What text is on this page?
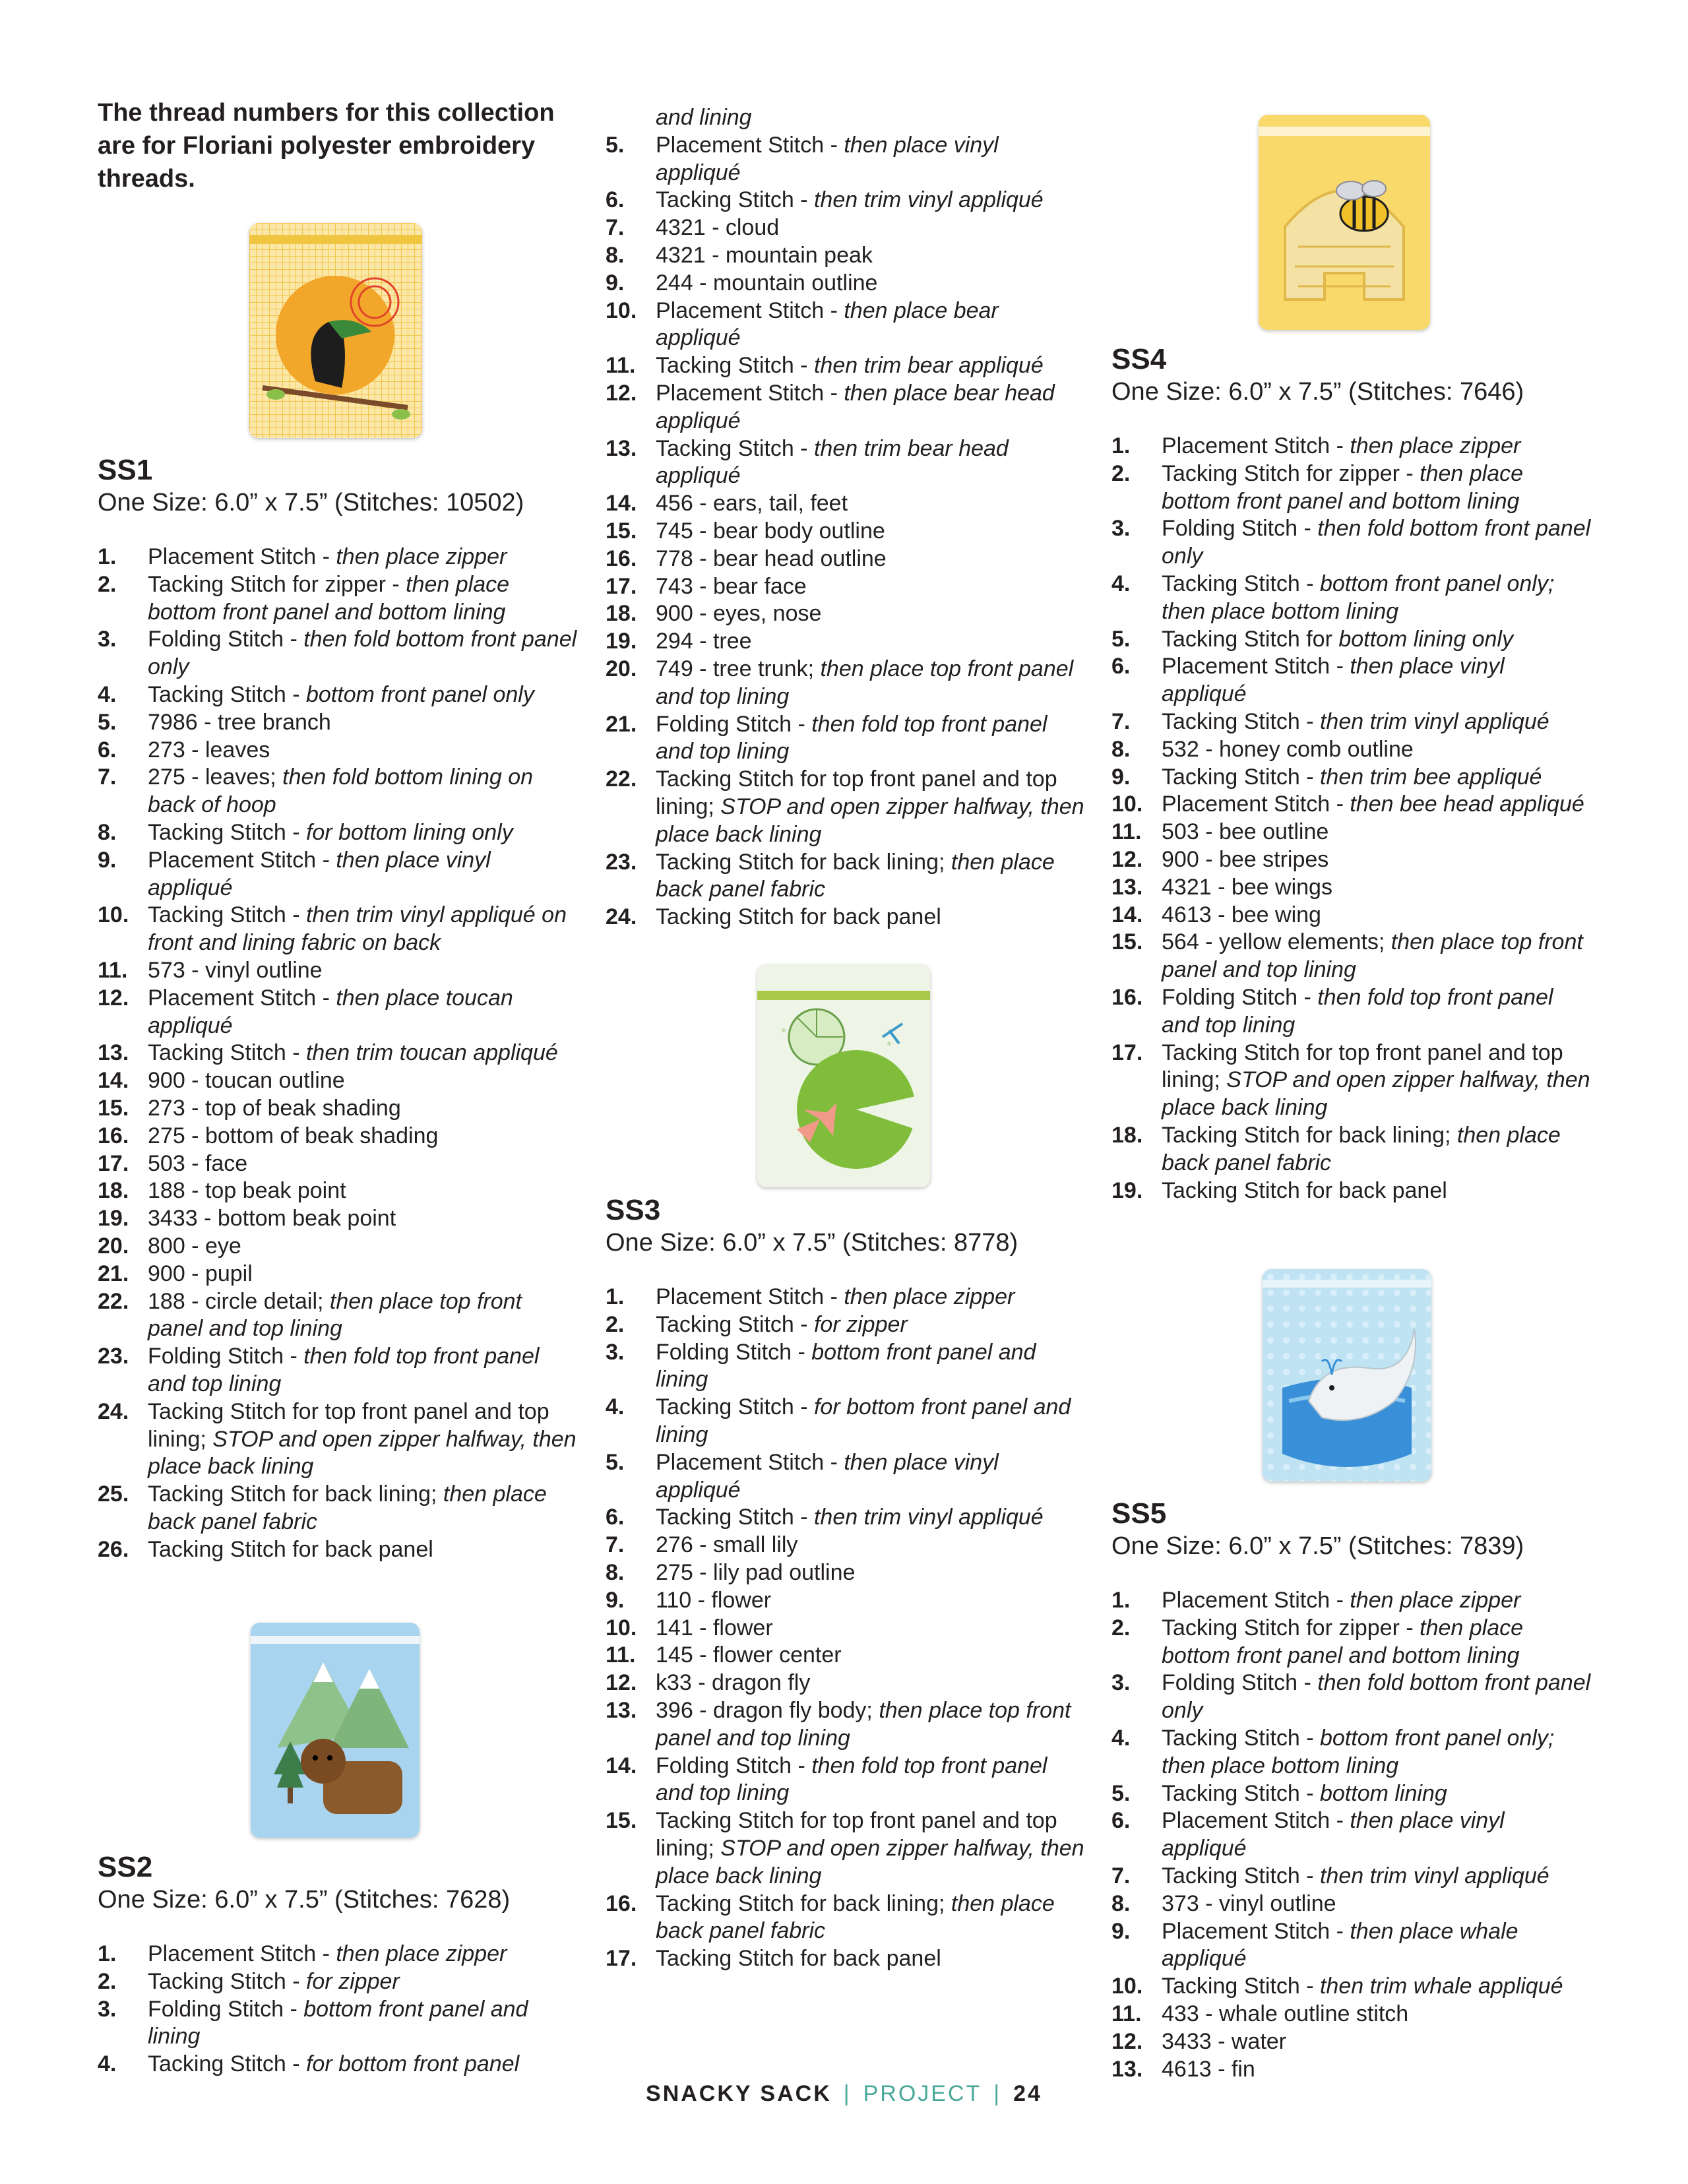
The thread numbers for this collection are for Floriani polyester embroidery threads.
SS1
One Size: 6.0” x 7.5” (Stitches: 10502)
1. Placement Stitch - then place zipper
2. Tacking Stitch for zipper - then place bottom front panel and bottom lining
3. Folding Stitch - then fold bottom front panel only
4. Tacking Stitch - bottom front panel only
5. 7986 - tree branch
6. 273 - leaves
7. 275 - leaves; then fold bottom lining on back of hoop
8. Tacking Stitch - for bottom lining only
9. Placement Stitch - then place vinyl appliqué
10. Tacking Stitch - then trim vinyl appliqué on front and lining fabric on back
11. 573 - vinyl outline
12. Placement Stitch - then place toucan appliqué
13. Tacking Stitch - then trim toucan appliqué
14. 900 - toucan outline
15. 273 - top of beak shading
16. 275 - bottom of beak shading
17. 503 - face
18. 188 - top beak point
19. 3433 - bottom beak point
20. 800 - eye
21. 900 - pupil
22. 188 - circle detail; then place top front panel and top lining
23. Folding Stitch - then fold top front panel and top lining
24. Tacking Stitch for top front panel and top lining; STOP and open zipper halfway, then place back lining
25. Tacking Stitch for back lining; then place back panel fabric
26. Tacking Stitch for back panel
SS2
One Size: 6.0” x 7.5” (Stitches: 7628)
1. Placement Stitch - then place zipper
2. Tacking Stitch - for zipper
3. Folding Stitch - bottom front panel and lining
4. Tacking Stitch - for bottom front panel
and lining
5. Placement Stitch - then place vinyl appliqué
6. Tacking Stitch - then trim vinyl appliqué
7. 4321 - cloud
8. 4321 - mountain peak
9. 244 - mountain outline
10. Placement Stitch - then place bear appliqué
11. Tacking Stitch - then trim bear appliqué
12. Placement Stitch - then place bear head appliqué
13. Tacking Stitch - then trim bear head appliqué
14. 456 - ears, tail, feet
15. 745 - bear body outline
16. 778 - bear head outline
17. 743 - bear face
18. 900 - eyes, nose
19. 294 - tree
20. 749 - tree trunk; then place top front panel and top lining
21. Folding Stitch - then fold top front panel and top lining
22. Tacking Stitch for top front panel and top lining; STOP and open zipper halfway, then place back lining
23. Tacking Stitch for back lining; then place back panel fabric
24. Tacking Stitch for back panel
SS3
One Size: 6.0” x 7.5” (Stitches: 8778)
1. Placement Stitch - then place zipper
2. Tacking Stitch - for zipper
3. Folding Stitch - bottom front panel and lining
4. Tacking Stitch - for bottom front panel and lining
5. Placement Stitch - then place vinyl appliqué
6. Tacking Stitch - then trim vinyl appliqué
7. 276 - small lily
8. 275 - lily pad outline
9. 110 - flower
10. 141 - flower
11. 145 - flower center
12. k33 - dragon fly
13. 396 - dragon fly body; then place top front panel and top lining
14. Folding Stitch - then fold top front panel and top lining
15. Tacking Stitch for top front panel and top lining; STOP and open zipper halfway, then place back lining
16. Tacking Stitch for back lining; then place back panel fabric
17. Tacking Stitch for back panel
SS4
One Size: 6.0” x 7.5” (Stitches: 7646)
1. Placement Stitch - then place zipper
2. Tacking Stitch for zipper - then place bottom front panel and bottom lining
3. Folding Stitch - then fold bottom front panel only
4. Tacking Stitch - bottom front panel only; then place bottom lining
5. Tacking Stitch for bottom lining only
6. Placement Stitch - then place vinyl appliqué
7. Tacking Stitch - then trim vinyl appliqué
8. 532 - honey comb outline
9. Tacking Stitch - then trim bee appliqué
10. Placement Stitch - then bee head appliqué
11. 503 - bee outline
12. 900 - bee stripes
13. 4321 - bee wings
14. 4613 - bee wing
15. 564 - yellow elements; then place top front panel and top lining
16. Folding Stitch - then fold top front panel and top lining
17. Tacking Stitch for top front panel and top lining; STOP and open zipper halfway, then place back lining
18. Tacking Stitch for back lining; then place back panel fabric
19. Tacking Stitch for back panel
SS5
One Size: 6.0” x 7.5” (Stitches: 7839)
1. Placement Stitch - then place zipper
2. Tacking Stitch for zipper - then place bottom front panel and bottom lining
3. Folding Stitch - then fold bottom front panel only
4. Tacking Stitch - bottom front panel only; then place bottom lining
5. Tacking Stitch - bottom lining
6. Placement Stitch - then place vinyl appliqué
7. Tacking Stitch - then trim vinyl appliqué
8. 373 - vinyl outline
9. Placement Stitch - then place whale appliqué
10. Tacking Stitch - then trim whale appliqué
11. 433 - whale outline stitch
12. 3433 - water
13. 4613 - fin
SNACKY SACK | PROJECT | 24
